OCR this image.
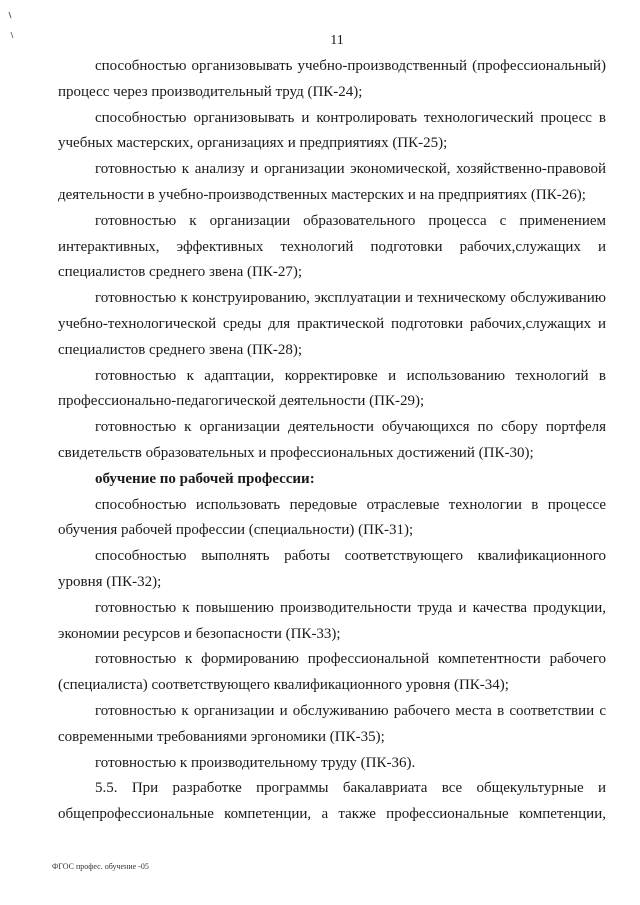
11

способностью организовывать учебно-производственный (профессиональный) процесс через производительный труд (ПК-24);

способностью организовывать и контролировать технологический процесс в учебных мастерских, организациях и предприятиях (ПК-25);

готовностью к анализу и организации экономической, хозяйственно-правовой деятельности в учебно-производственных мастерских и на предприятиях (ПК-26);

готовностью к организации образовательного процесса с применением интерактивных, эффективных технологий подготовки рабочих,служащих и специалистов среднего звена (ПК-27);

готовностью к конструированию, эксплуатации и техническому обслуживанию учебно-технологической среды для практической подготовки рабочих,служащих и специалистов среднего звена (ПК-28);

готовностью к адаптации, корректировке и использованию технологий в профессионально-педагогической деятельности (ПК-29);

готовностью к организации деятельности обучающихся по сбору портфеля свидетельств образовательных и профессиональных достижений (ПК-30);

обучение по рабочей профессии:

способностью использовать передовые отраслевые технологии в процессе обучения рабочей профессии (специальности) (ПК-31);

способностью выполнять работы соответствующего квалификационного уровня (ПК-32);

готовностью к повышению производительности труда и качества продукции, экономии ресурсов и безопасности (ПК-33);

готовностью к формированию профессиональной компетентности рабочего (специалиста) соответствующего квалификационного уровня (ПК-34);

готовностью к организации и обслуживанию рабочего места в соответствии с современными требованиями эргономики (ПК-35);

готовностью к производительному труду (ПК-36).

5.5. При разработке программы бакалавриата все общекультурные и общепрофессиональные компетенции, а также профессиональные компетенции,

ФГОС профес. обучение -05
